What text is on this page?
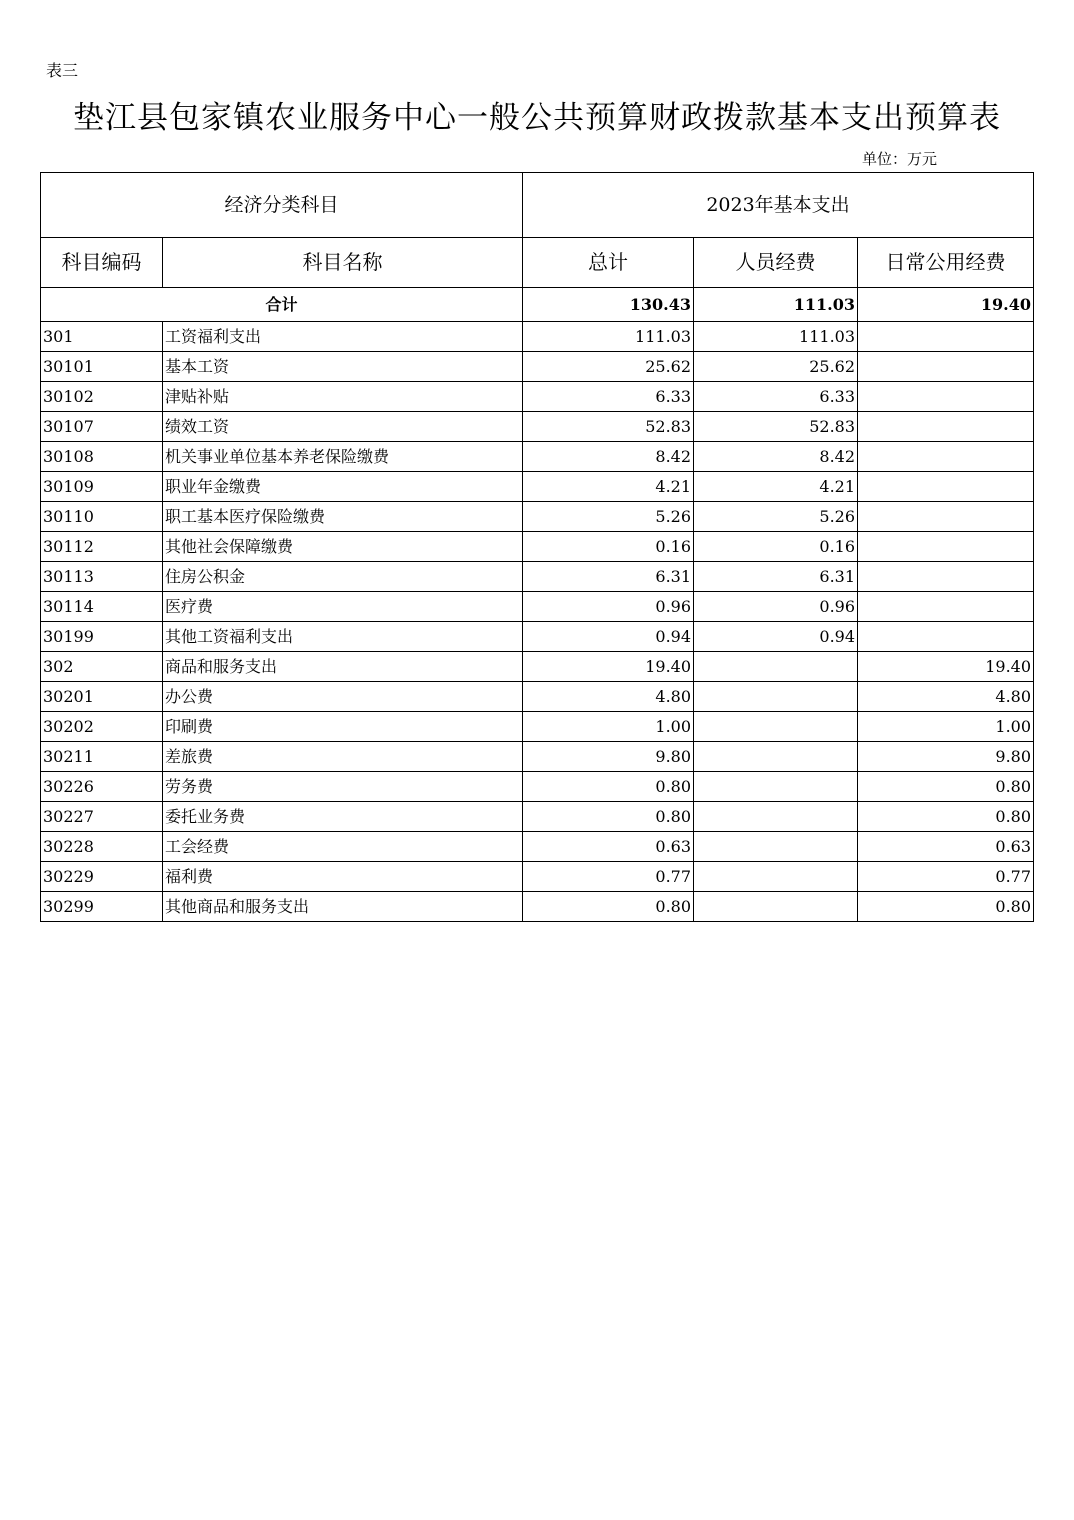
表三
垫江县包家镇农业服务中心一般公共预算财政拨款基本支出预算表
单位：万元
经济分类科目		2023年基本支出		
科目编码	科目名称	总计	人员经费	日常公用经费
合计		130.43	111.03	19.40
301	工资福利支出	111.03	111.03	
30101	基本工资	25.62	25.62	
30102	津贴补贴	6.33	6.33	
30107	绩效工资	52.83	52.83	
30108	机关事业单位基本养老保险缴费	8.42	8.42	
30109	职业年金缴费	4.21	4.21	
30110	职工基本医疗保险缴费	5.26	5.26	
30112	其他社会保障缴费	0.16	0.16	
30113	住房公积金	6.31	6.31	
30114	医疗费	0.96	0.96	
30199	其他工资福利支出	0.94	0.94	
302	商品和服务支出	19.40		19.40
30201	办公费	4.80		4.80
30202	印刷费	1.00		1.00
30211	差旅费	9.80		9.80
30226	劳务费	0.80		0.80
30227	委托业务费	0.80		0.80
30228	工会经费	0.63		0.63
30229	福利费	0.77		0.77
30299	其他商品和服务支出	0.80		0.80
